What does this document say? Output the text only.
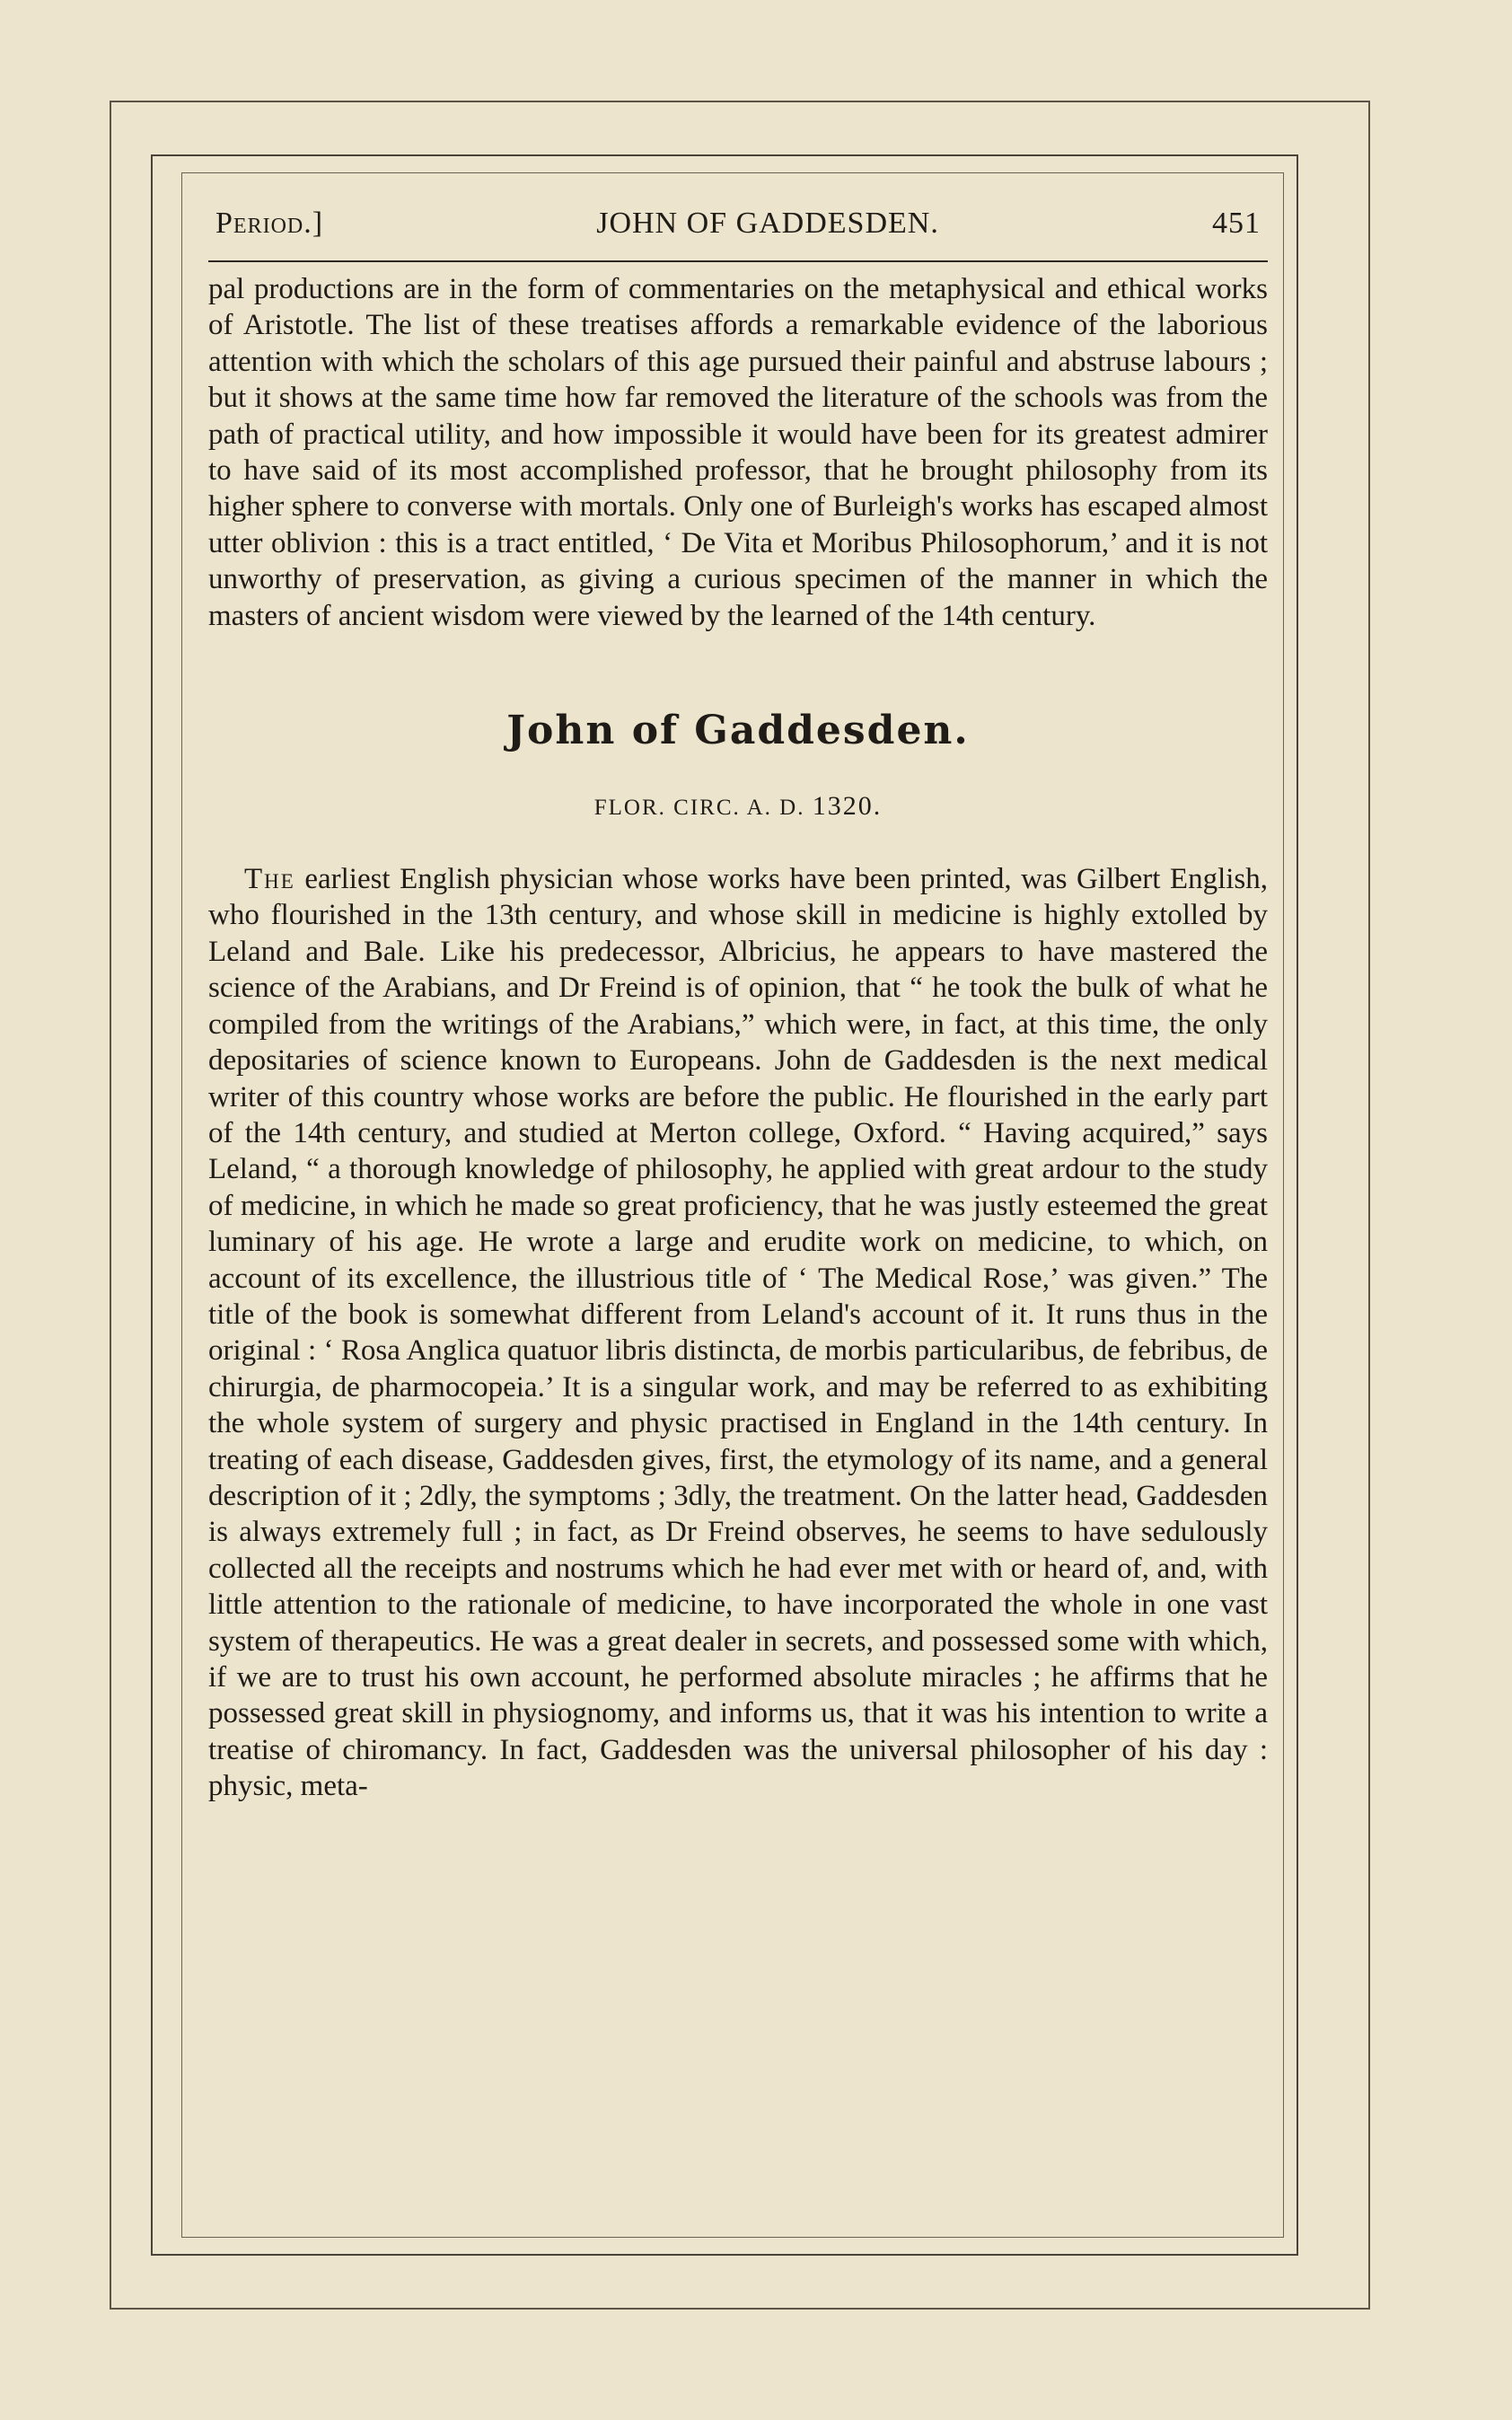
Period.]	JOHN OF GADDESDEN.	451

pal productions are in the form of commentaries on the metaphysical and ethical works of Aristotle. The list of these treatises affords a remarkable evidence of the laborious attention with which the scholars of this age pursued their painful and abstruse labours ; but it shows at the same time how far removed the literature of the schools was from the path of practical utility, and how impossible it would have been for its greatest admirer to have said of its most accomplished professor, that he brought philosophy from its higher sphere to converse with mortals. Only one of Burleigh's works has escaped almost utter oblivion : this is a tract entitled, ‘ De Vita et Moribus Philosophorum,’ and it is not unworthy of preservation, as giving a curious specimen of the manner in which the masters of ancient wisdom were viewed by the learned of the 14th century.

John of Gaddesden.
FLOR. CIRC. A. D. 1320.

The earliest English physician whose works have been printed, was Gilbert English, who flourished in the 13th century, and whose skill in medicine is highly extolled by Leland and Bale. Like his predecessor, Albricius, he appears to have mastered the science of the Arabians, and Dr Freind is of opinion, that “ he took the bulk of what he compiled from the writings of the Arabians,” which were, in fact, at this time, the only depositaries of science known to Europeans. John de Gaddesden is the next medical writer of this country whose works are before the public. He flourished in the early part of the 14th century, and studied at Merton college, Oxford. “ Having acquired,” says Leland, “ a thorough knowledge of philosophy, he applied with great ardour to the study of medicine, in which he made so great proficiency, that he was justly esteemed the great luminary of his age. He wrote a large and erudite work on medicine, to which, on account of its excellence, the illustrious title of ‘ The Medical Rose,’ was given.” The title of the book is somewhat different from Leland's account of it. It runs thus in the original : ‘ Rosa Anglica quatuor libris distincta, de morbis particularibus, de febribus, de chirurgia, de pharmocopeia.’ It is a singular work, and may be referred to as exhibiting the whole system of surgery and physic practised in England in the 14th century. In treating of each disease, Gaddesden gives, first, the etymology of its name, and a general description of it ; 2dly, the symptoms ; 3dly, the treatment. On the latter head, Gaddesden is always extremely full ; in fact, as Dr Freind observes, he seems to have sedulously collected all the receipts and nostrums which he had ever met with or heard of, and, with little attention to the rationale of medicine, to have incorporated the whole in one vast system of therapeutics. He was a great dealer in secrets, and possessed some with which, if we are to trust his own account, he performed absolute miracles ; he affirms that he possessed great skill in physiognomy, and informs us, that it was his intention to write a treatise of chiromancy. In fact, Gaddesden was the universal philosopher of his day : physic, meta-
